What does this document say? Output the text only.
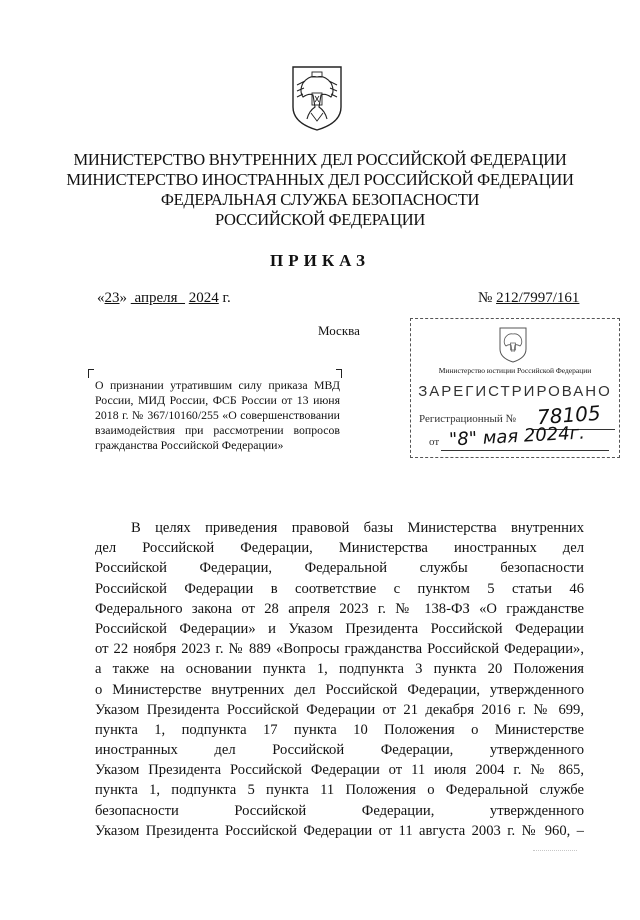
МИНИСТЕРСТВО ВНУТРЕННИХ ДЕЛ РОССИЙСКОЙ ФЕДЕРАЦИИ
МИНИСТЕРСТВО ИНОСТРАННЫХ ДЕЛ РОССИЙСКОЙ ФЕДЕРАЦИИ
ФЕДЕРАЛЬНАЯ СЛУЖБА БЕЗОПАСНОСТИ
РОССИЙСКОЙ ФЕДЕРАЦИИ
ПРИКАЗ
«23» апреля 2024 г.	№ 212/7997/161
Москва
Министерство юстиции Российской Федерации
ЗАРЕГИСТРИРОВАНО
Регистрационный № 78105
от "8" мая 2024г.
О признании утратившим силу приказа МВД России, МИД России, ФСБ России от 13 июня 2018 г. № 367/10160/255 «О совершенствовании взаимодействия при рассмотрении вопросов гражданства Российской Федерации»
В целях приведения правовой базы Министерства внутренних
дел Российской Федерации, Министерства иностранных дел
Российской Федерации, Федеральной службы безопасности
Российской Федерации в соответствие с пунктом 5 статьи 46
Федерального закона от 28 апреля 2023 г. № 138-ФЗ «О гражданстве
Российской Федерации» и Указом Президента Российской Федерации
от 22 ноября 2023 г. № 889 «Вопросы гражданства Российской Федерации»,
а также на основании пункта 1, подпункта 3 пункта 20 Положения
о Министерстве внутренних дел Российской Федерации, утвержденного
Указом Президента Российской Федерации от 21 декабря 2016 г. № 699,
пункта 1, подпункта 17 пункта 10 Положения о Министерстве
иностранных дел Российской Федерации, утвержденного
Указом Президента Российской Федерации от 11 июля 2004 г. № 865,
пункта 1, подпункта 5 пункта 11 Положения о Федеральной службе
безопасности Российской Федерации, утвержденного
Указом Президента Российской Федерации от 11 августа 2003 г. № 960, –
